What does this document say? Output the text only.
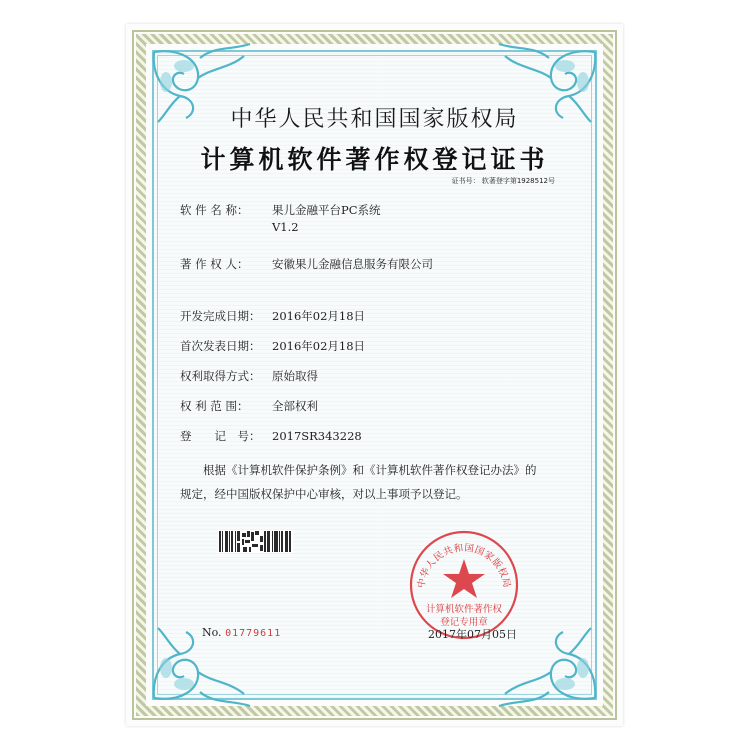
中华人民共和国国家版权局
计算机软件著作权登记证书
证书号： 软著登字第1928512号
软 件 名 称： 果儿金融平台PC系统
V1.2
著 作 权 人： 安徽果儿金融信息服务有限公司
开发完成日期： 2016年02月18日
首次发表日期： 2016年02月18日
权利取得方式： 原始取得
权 利 范 围： 全部权利
登　　记　号： 2017SR343228
根据《计算机软件保护条例》和《计算机软件著作权登记办法》的
规定，经中国版权保护中心审核，对以上事项予以登记。
中华人民共和国国家版权局
计算机软件著作权
登记专用章
No. 01779611	2017年07月05日
